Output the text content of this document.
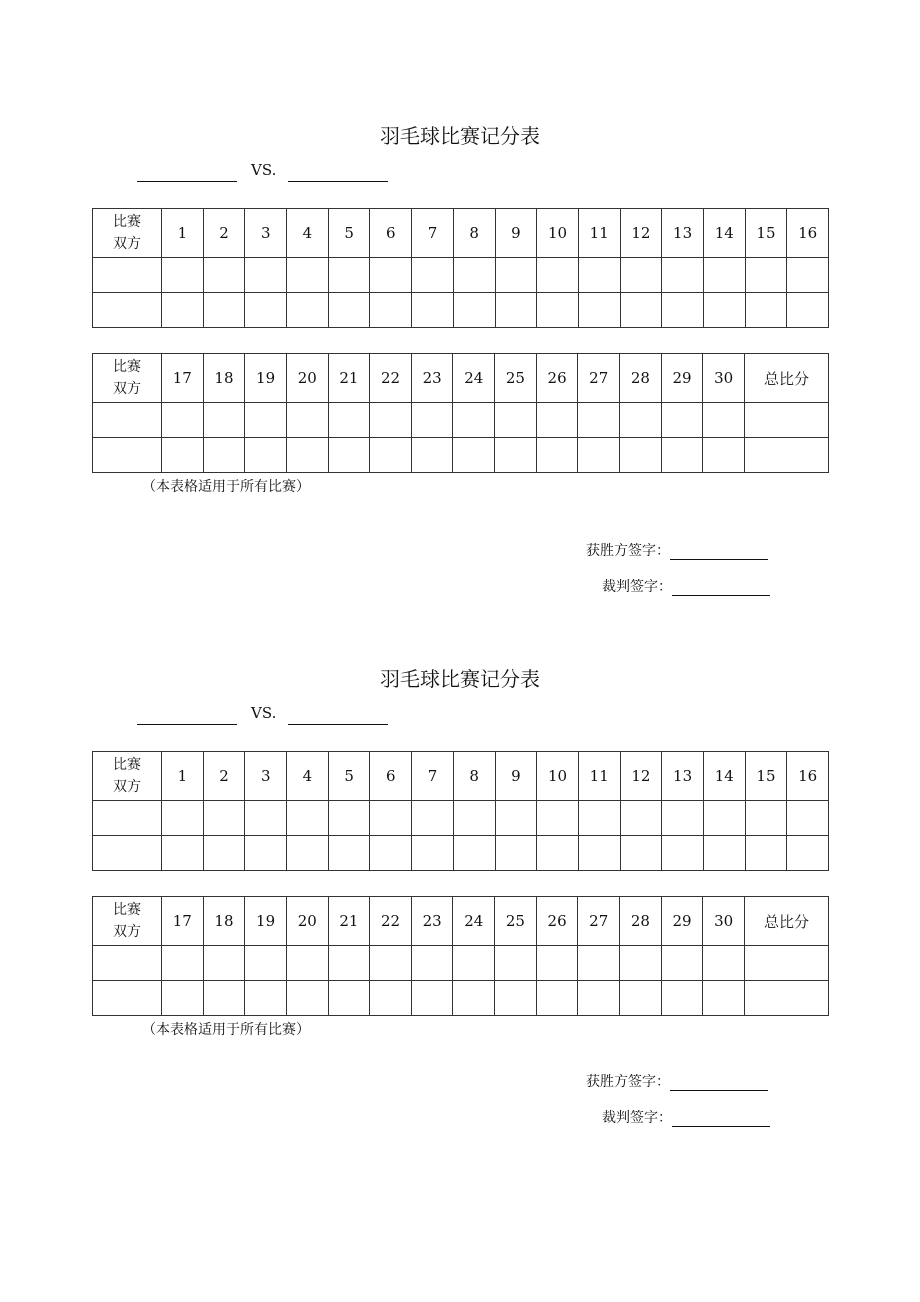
羽毛球比赛记分表
VS.
比赛
双方	1	2	3	4	5	6	7	8	9	10	11	12	13	14	15	16

比赛
双方	17	18	19	20	21	22	23	24	25	26	27	28	29	30	总比分

（本表格适用于所有比赛）
获胜方签字：
裁判签字：
羽毛球比赛记分表
VS.
比赛
双方	1	2	3	4	5	6	7	8	9	10	11	12	13	14	15	16

比赛
双方	17	18	19	20	21	22	23	24	25	26	27	28	29	30	总比分

（本表格适用于所有比赛）
获胜方签字：
裁判签字：
